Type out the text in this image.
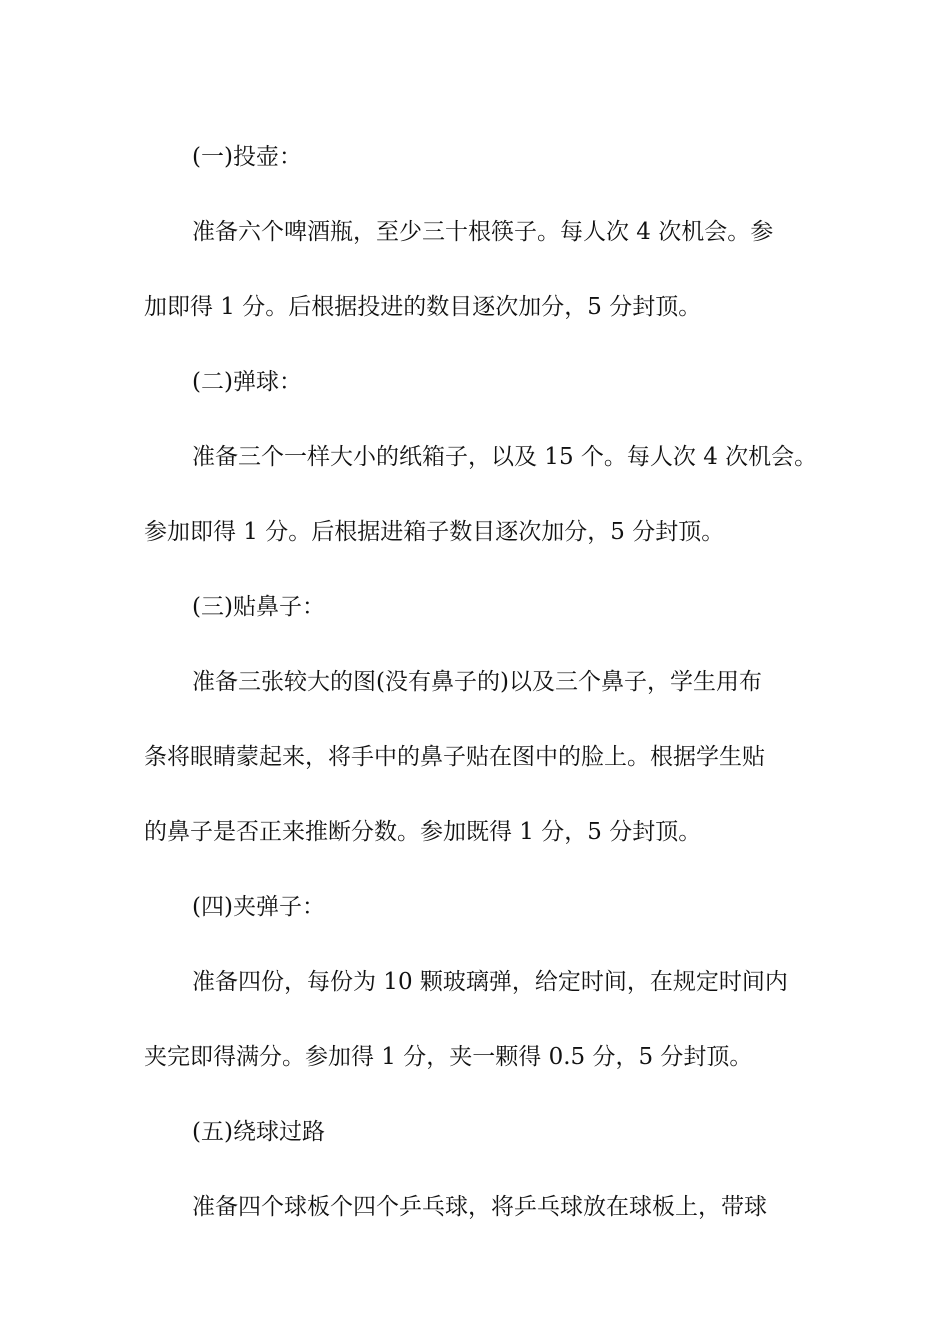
(一)投壶：
准备六个啤酒瓶，至少三十根筷子。每人次 4 次机会。参
加即得 1 分。后根据投进的数目逐次加分，5 分封顶。
(二)弹球：
准备三个一样大小的纸箱子，以及 15 个。每人次 4 次机会。
参加即得 1 分。后根据进箱子数目逐次加分，5 分封顶。
(三)贴鼻子：
准备三张较大的图(没有鼻子的)以及三个鼻子，学生用布
条将眼睛蒙起来，将手中的鼻子贴在图中的脸上。根据学生贴
的鼻子是否正来推断分数。参加既得 1 分，5 分封顶。
(四)夹弹子：
准备四份，每份为 10 颗玻璃弹，给定时间，在规定时间内
夹完即得满分。参加得 1 分，夹一颗得 0.5 分，5 分封顶。
(五)绕球过路
准备四个球板个四个乒乓球，将乒乓球放在球板上，带球
